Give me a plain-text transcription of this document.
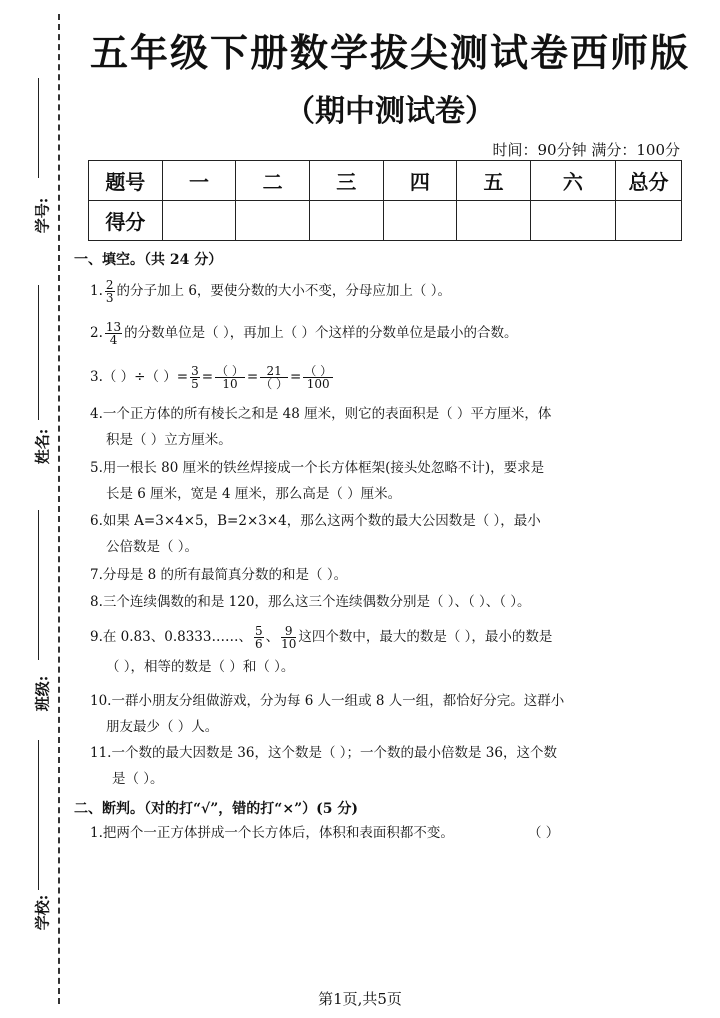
学号:
姓名:
班级:
学校:
五年级下册数学拔尖测试卷西师版
（期中测试卷）
时间：90分钟 满分：100分
题号	一	二	三	四	五	六	总分
得分							
一、填空。（共 24 分）
1. $\frac{2}{3}$ 的分子加上 6，要使分数的大小不变，分母应加上（ ）。
2. $\frac{13}{4}$ 的分数单位是（ ），再加上（ ）个这样的分数单位是最小的合数。
3.（ ）÷（ ）= $\frac{3}{5} = \frac{( )}{10} = \frac{21}{( )} = \frac{( )}{100}$
4.一个正方体的所有棱长之和是 48 厘米，则它的表面积是（ ）平方厘米，体
积是（ ）立方厘米。
5.用一根长 80 厘米的铁丝焊接成一个长方体框架(接头处忽略不计)，要求是
长是 6 厘米，宽是 4 厘米，那么高是（ ）厘米。
6.如果 A=3×4×5，B=2×3×4，那么这两个数的最大公因数是（ ），最小
公倍数是（ ）。
7.分母是 8 的所有最简真分数的和是（ ）。
8.三个连续偶数的和是 120，那么这三个连续偶数分别是（ ）、（ ）、（ ）。
9.在 0.83、0.8333……、 $\frac{5}{6}$ 、 $\frac{9}{10}$ 这四个数中，最大的数是（ ），最小的数是
（ ），相等的数是（ ）和（ ）。
10.一群小朋友分组做游戏，分为每 6 人一组或 8 人一组，都恰好分完。这群小
朋友最少（ ）人。
11.一个数的最大因数是 36，这个数是（ ）；一个数的最小倍数是 36，这个数
是（ ）。
二、断判。（对的打“√”，错的打“×”）(5 分)
1.把两个一正方体拼成一个长方体后，体积和表面积都不变。	（ ）
第1页,共5页
